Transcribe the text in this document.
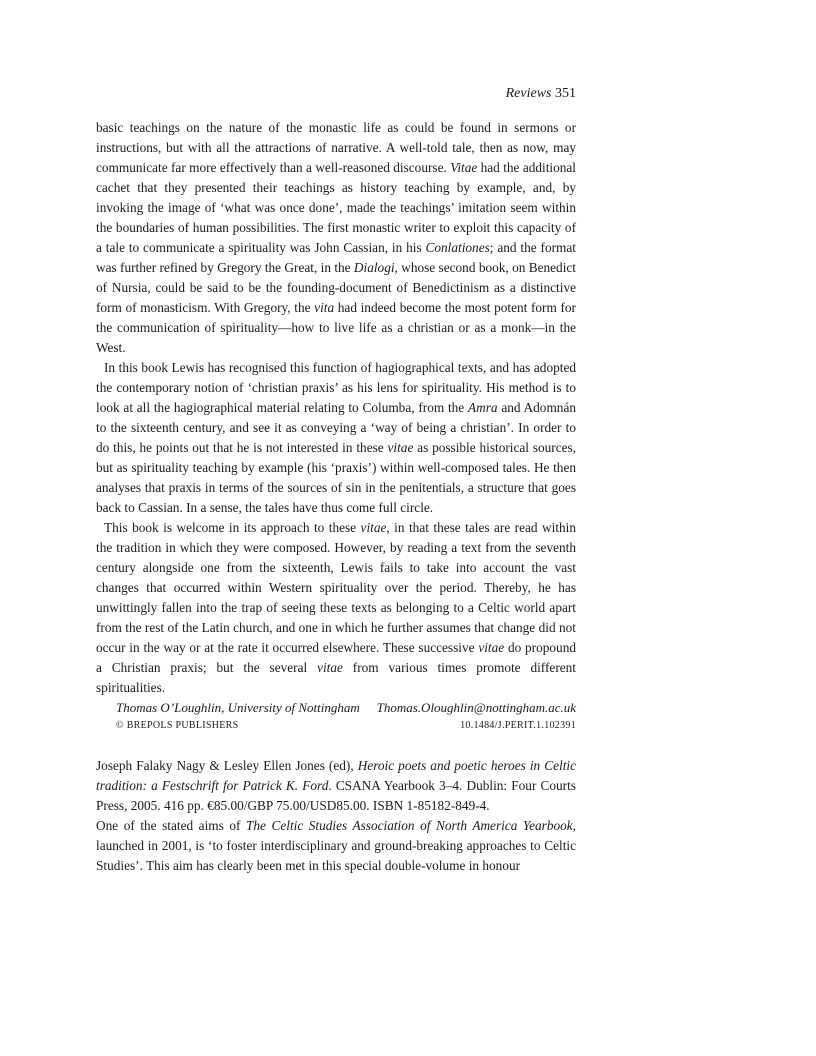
Reviews 351

basic teachings on the nature of the monastic life as could be found in sermons or instructions, but with all the attractions of narrative. A well-told tale, then as now, may communicate far more effectively than a well-reasoned discourse. Vitae had the additional cachet that they presented their teachings as history teaching by example, and, by invoking the image of ‘what was once done’, made the teachings’ imitation seem within the boundaries of human possibilities. The first monastic writer to exploit this capacity of a tale to communicate a spirituality was John Cassian, in his Conlationes; and the format was further refined by Gregory the Great, in the Dialogi, whose second book, on Benedict of Nursia, could be said to be the founding-document of Benedictinism as a distinctive form of monasticism. With Gregory, the vita had indeed become the most potent form for the communication of spirituality—how to live life as a christian or as a monk—in the West.

In this book Lewis has recognised this function of hagiographical texts, and has adopted the contemporary notion of ‘christian praxis’ as his lens for spirituality. His method is to look at all the hagiographical material relating to Columba, from the Amra and Adomnán to the sixteenth century, and see it as conveying a ‘way of being a christian’. In order to do this, he points out that he is not interested in these vitae as possible historical sources, but as spirituality teaching by example (his ‘praxis’) within well-composed tales. He then analyses that praxis in terms of the sources of sin in the penitentials, a structure that goes back to Cassian. In a sense, the tales have thus come full circle.

This book is welcome in its approach to these vitae, in that these tales are read within the tradition in which they were composed. However, by reading a text from the seventh century alongside one from the sixteenth, Lewis fails to take into account the vast changes that occurred within Western spirituality over the period. Thereby, he has unwittingly fallen into the trap of seeing these texts as belonging to a Celtic world apart from the rest of the Latin church, and one in which he further assumes that change did not occur in the way or at the rate it occurred elsewhere. These successive vitae do propound a Christian praxis; but the several vitae from various times promote different spiritualities.

Thomas O’Loughlin, University of Nottingham Thomas.Oloughlin@nottingham.ac.uk
© BREPOLS PUBLISHERS	10.1484/J.PERIT.1.102391

Joseph Falaky Nagy & Lesley Ellen Jones (ed), Heroic poets and poetic heroes in Celtic tradition: a Festschrift for Patrick K. Ford. CSANA Yearbook 3–4. Dublin: Four Courts Press, 2005. 416 pp. €85.00/GBP 75.00/USD85.00. ISBN 1-85182-849-4.

One of the stated aims of The Celtic Studies Association of North America Yearbook, launched in 2001, is ‘to foster interdisciplinary and ground-breaking approaches to Celtic Studies’. This aim has clearly been met in this special double-volume in honour
